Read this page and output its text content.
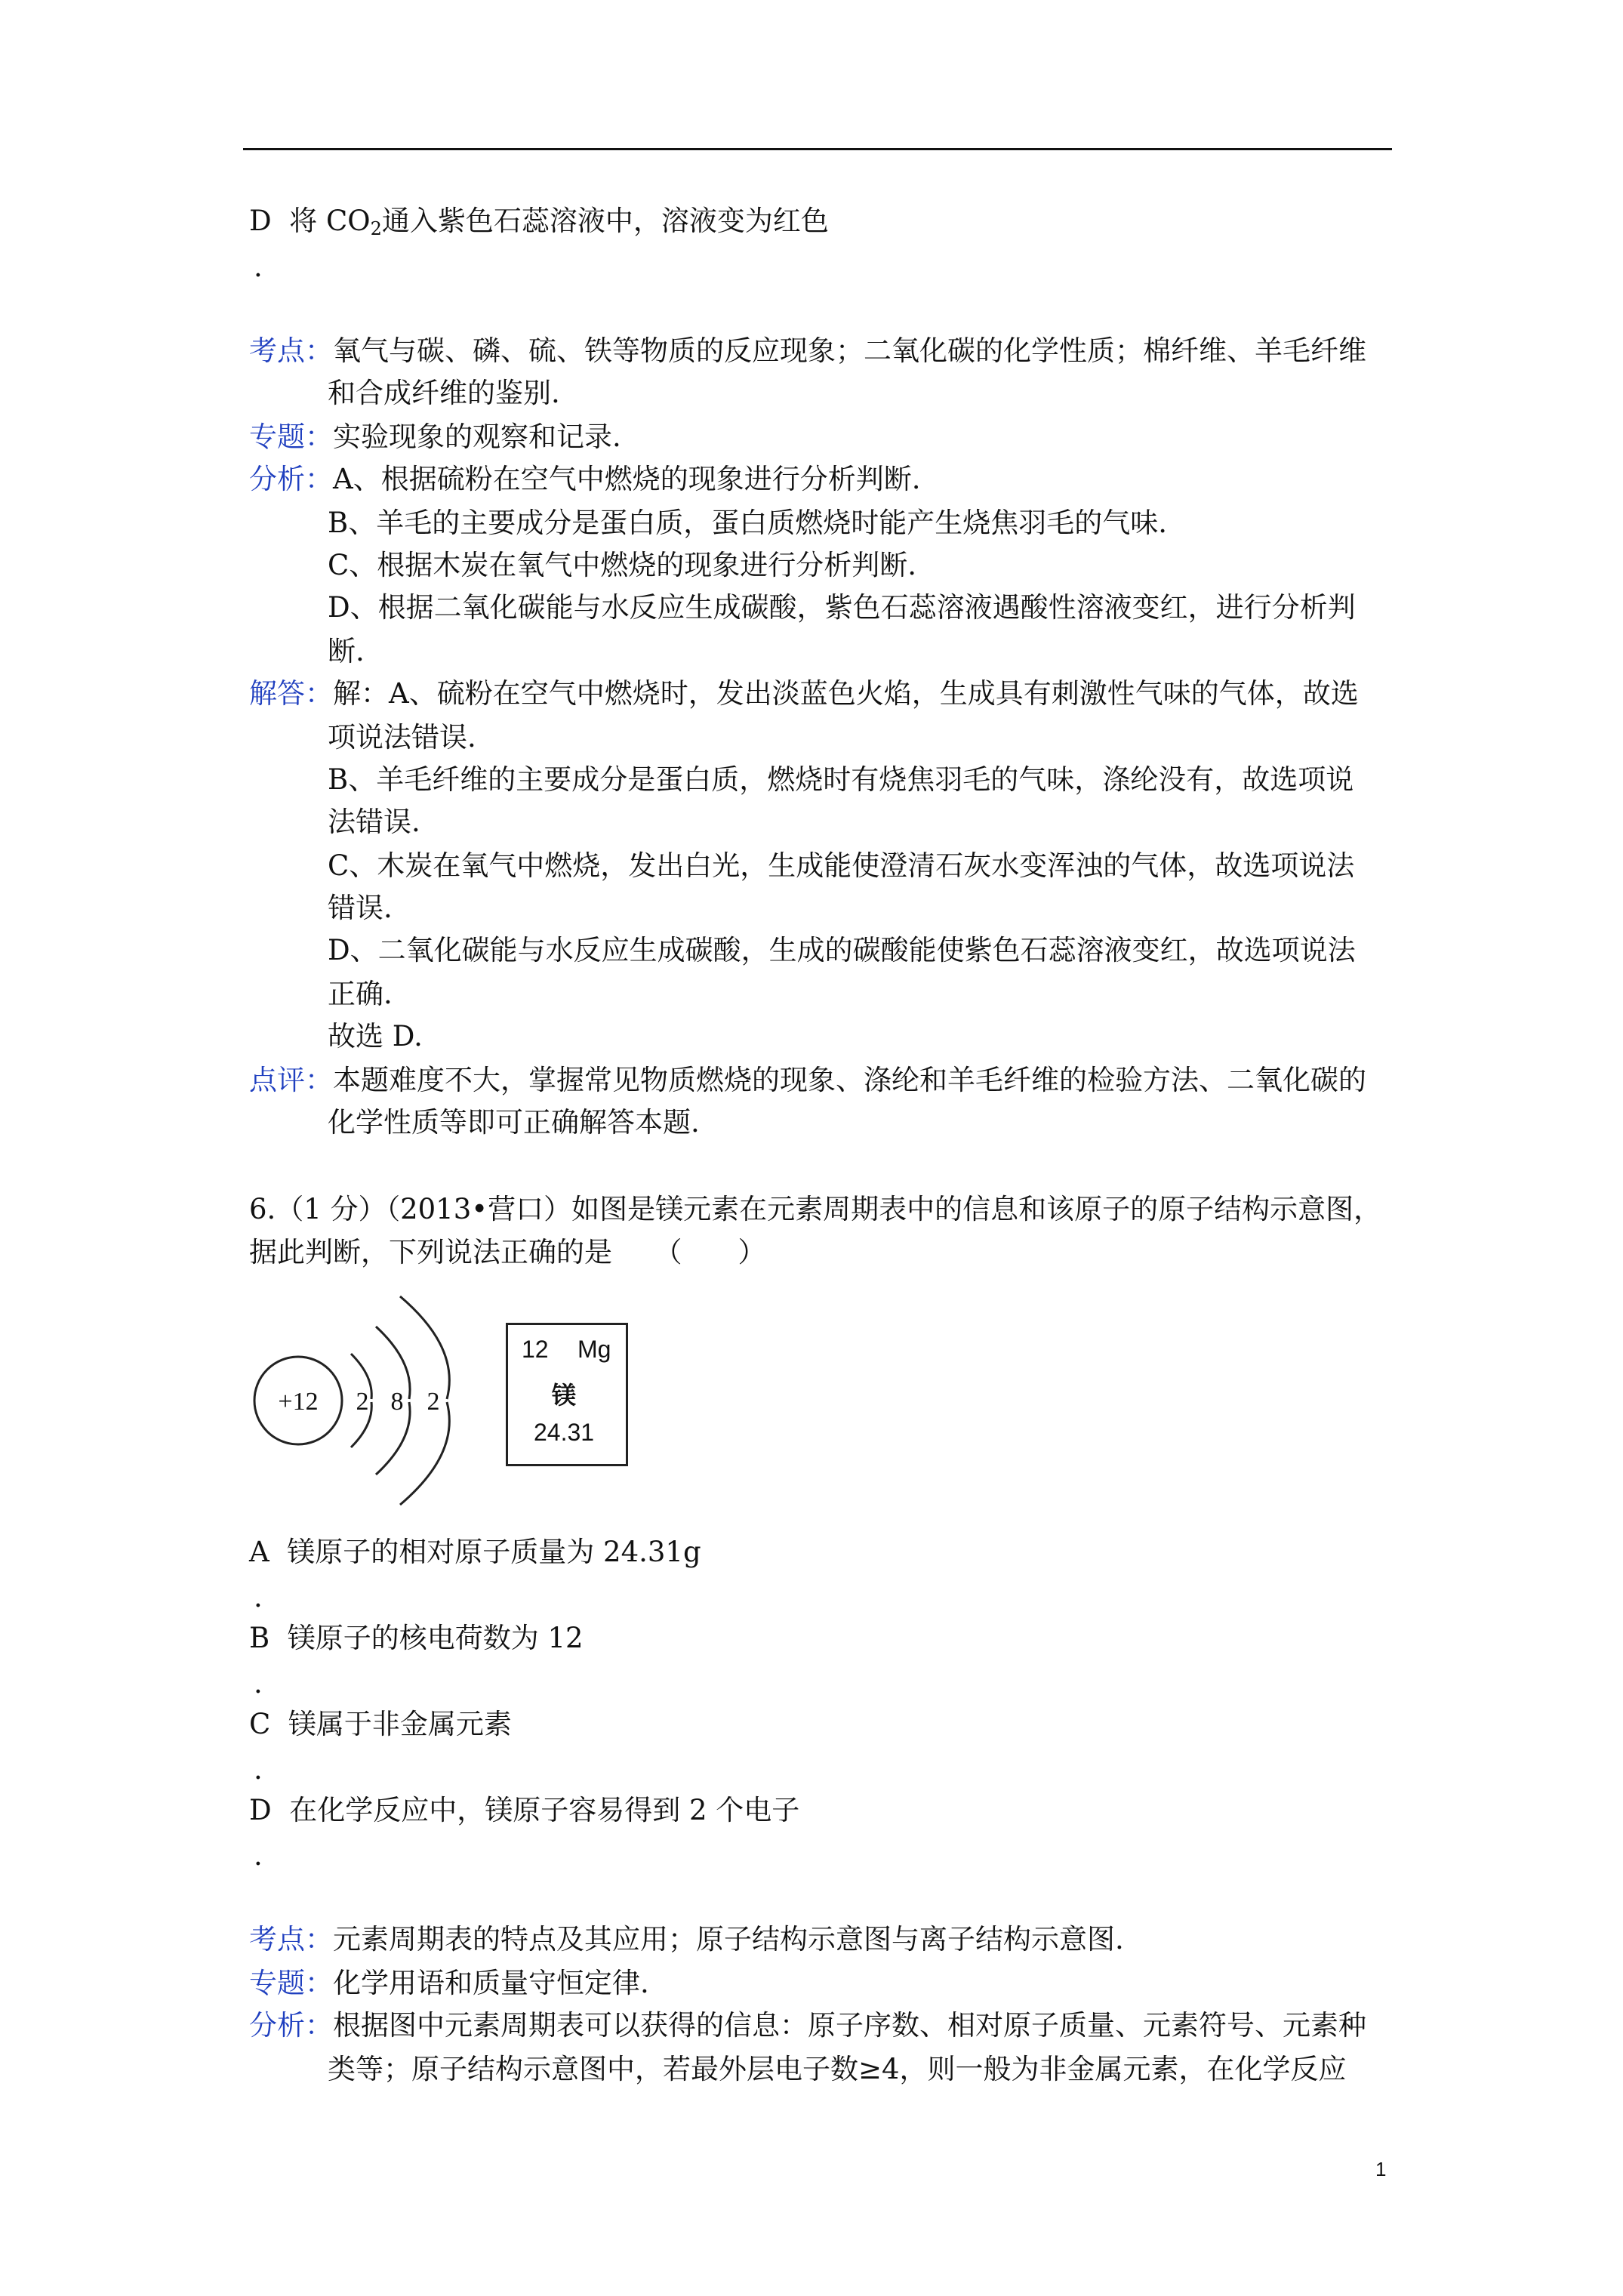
D 将 $CO_2$通入紫色石蕊溶液中，溶液变为红色
.
考点：氧气与碳、磷、硫、铁等物质的反应现象；二氧化碳的化学性质；棉纤维、羊毛纤维
和合成纤维的鉴别.
专题：实验现象的观察和记录.
分析：A、根据硫粉在空气中燃烧的现象进行分析判断.
B、羊毛的主要成分是蛋白质，蛋白质燃烧时能产生烧焦羽毛的气味.
C、根据木炭在氧气中燃烧的现象进行分析判断.
D、根据二氧化碳能与水反应生成碳酸，紫色石蕊溶液遇酸性溶液变红，进行分析判
断.
解答：解：A、硫粉在空气中燃烧时，发出淡蓝色火焰，生成具有刺激性气味的气体，故选
项说法错误.
B、羊毛纤维的主要成分是蛋白质，燃烧时有烧焦羽毛的气味，涤纶没有，故选项说
法错误.
C、木炭在氧气中燃烧，发出白光，生成能使澄清石灰水变浑浊的气体，故选项说法
错误.
D、二氧化碳能与水反应生成碳酸，生成的碳酸能使紫色石蕊溶液变红，故选项说法
正确.
故选 D.
点评：本题难度不大，掌握常见物质燃烧的现象、涤纶和羊毛纤维的检验方法、二氧化碳的
化学性质等即可正确解答本题.
6.（1 分）（2013•营口）如图是镁元素在元素周期表中的信息和该原子的原子结构示意图，
据此判断，下列说法正确的是　　（　　）
+12 2 8 2
12 Mg
镁
24.31
A 镁原子的相对原子质量为 24.31g
.
B 镁原子的核电荷数为 12
.
C 镁属于非金属元素
.
D 在化学反应中，镁原子容易得到 2 个电子
.
考点：元素周期表的特点及其应用；原子结构示意图与离子结构示意图.
专题：化学用语和质量守恒定律.
分析：根据图中元素周期表可以获得的信息：原子序数、相对原子质量、元素符号、元素种
类等；原子结构示意图中，若最外层电子数≥4，则一般为非金属元素，在化学反应
1
